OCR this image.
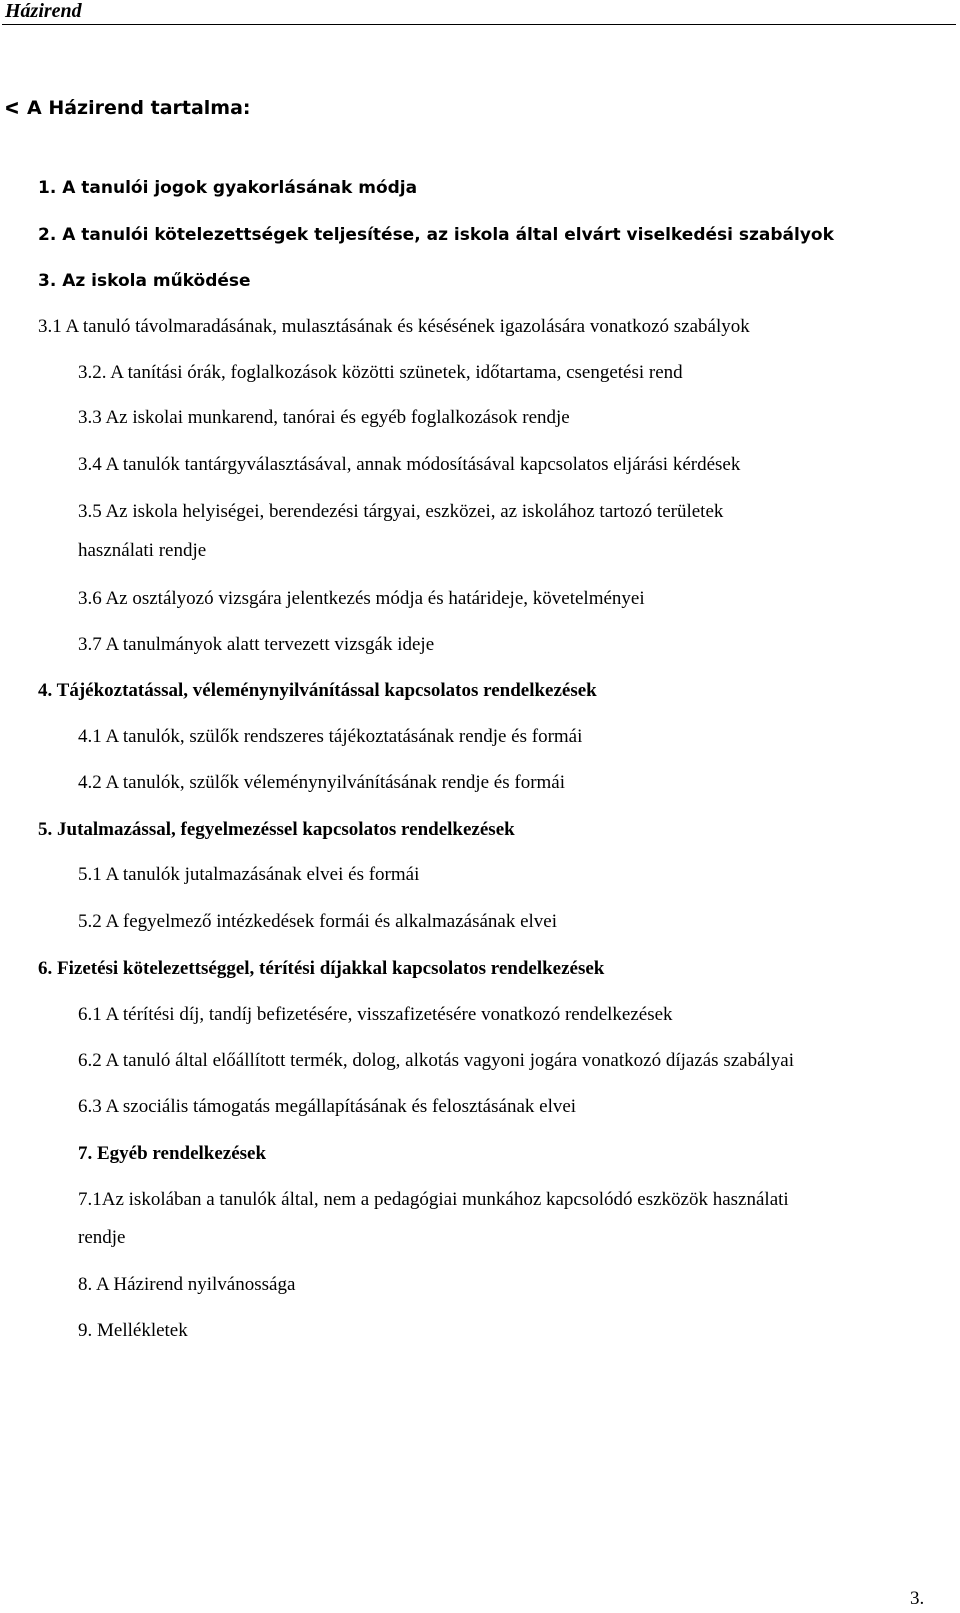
Házirend
ᐸ A Házirend tartalma:
1. A tanulói jogok gyakorlásának módja
2. A tanulói kötelezettségek teljesítése, az iskola által elvárt viselkedési szabályok
3. Az iskola működése
3.1 A tanuló távolmaradásának, mulasztásának és késésének igazolására vonatkozó szabályok
3.2. A tanítási órák, foglalkozások közötti szünetek, időtartama, csengetési rend
3.3 Az iskolai munkarend, tanórai és egyéb foglalkozások rendje
3.4 A tanulók tantárgyválasztásával, annak módosításával kapcsolatos eljárási kérdések
3.5 Az iskola helyiségei, berendezési tárgyai, eszközei, az iskolához tartozó területek
használati rendje
3.6 Az osztályozó vizsgára jelentkezés módja és határideje, követelményei
3.7 A tanulmányok alatt tervezett vizsgák ideje
4. Tájékoztatással, véleménynyilvánítással kapcsolatos rendelkezések
4.1 A tanulók, szülők rendszeres tájékoztatásának rendje és formái
4.2 A tanulók, szülők véleménynyilvánításának rendje és formái
5. Jutalmazással, fegyelmezéssel kapcsolatos rendelkezések
5.1 A tanulók jutalmazásának elvei és formái
5.2 A fegyelmező intézkedések formái és alkalmazásának elvei
6. Fizetési kötelezettséggel, térítési díjakkal kapcsolatos rendelkezések
6.1 A térítési díj, tandíj befizetésére, visszafizetésére vonatkozó rendelkezések
6.2 A tanuló által előállított termék, dolog, alkotás vagyoni jogára vonatkozó díjazás szabályai
6.3 A szociális támogatás megállapításának és felosztásának elvei
7. Egyéb rendelkezések
7.1Az iskolában a tanulók által, nem a pedagógiai munkához kapcsolódó eszközök használati
rendje
8. A Házirend nyilvánossága
9. Mellékletek
3.
